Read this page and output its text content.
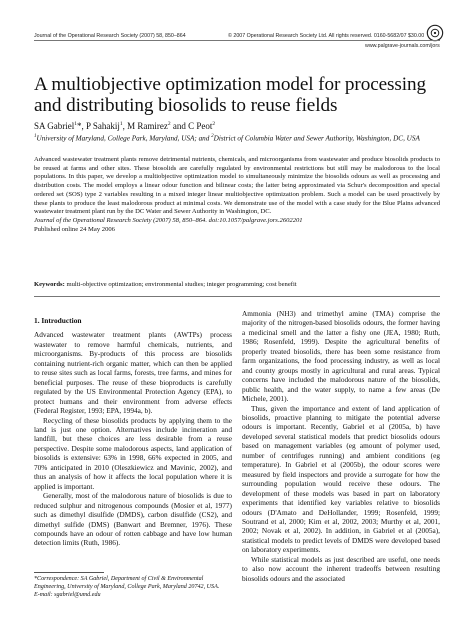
Journal of the Operational Research Society (2007) 58, 850–864	© 2007 Operational Research Society Ltd. All rights reserved. 0160-5682/07 $30.00
www.palgrave-journals.com/jors
A multiobjective optimization model for processing and distributing biosolids to reuse fields
SA Gabriel$^1$*, P Sahakij$^1$, M Ramirez$^2$ and C Peot$^2$
$^1$University of Maryland, College Park, Maryland, USA; and $^2$District of Columbia Water and Sewer Authority, Washington, DC, USA

Advanced wastewater treatment plants remove detrimental nutrients, chemicals, and microorganisms from wastewater and produce biosolids products to be reused at farms and other sites. These biosolids are carefully regulated by environmental restrictions but still may be malodorous to the local populations. In this paper, we develop a multiobjective optimization model to simultaneously minimize the biosolids odours as well as processing and distribution costs. The model employs a linear odour function and bilinear costs; the latter being approximated via Schur's decomposition and special ordered set (SOS) type 2 variables resulting in a mixed integer linear multiobjective optimization problem. Such a model can be used proactively by these plants to produce the least malodorous product at minimal costs. We demonstrate use of the model with a case study for the Blue Plains advanced wastewater treatment plant run by the DC Water and Sewer Authority in Washington, DC.

Journal of the Operational Research Society (2007) 58, 850–864. doi:10.1057/palgrave.jors.2602201

Published online 24 May 2006

Keywords: multi-objective optimization; environmental studies; integer programming; cost benefit
1. Introduction

Advanced wastewater treatment plants (AWTPs) process wastewater to remove harmful chemicals, nutrients, and microorganisms. By-products of this process are biosolids containing nutrient-rich organic matter, which can then be applied to reuse sites such as local farms, forests, tree farms, and mines for beneficial purposes. The reuse of these bioproducts is carefully regulated by the US Environmental Protection Agency (EPA), to protect humans and their environment from adverse effects (Federal Register, 1993; EPA, 1994a, b).

Recycling of these biosolids products by applying them to the land is just one option. Alternatives include incineration and landfill, but these choices are less desirable from a reuse perspective. Despite some malodorous aspects, land application of biosolids is extensive: 63% in 1998, 66% expected in 2005, and 70% anticipated in 2010 (Oleszkiewicz and Mavinic, 2002), and thus an analysis of how it affects the local population where it is applied is important.

Generally, most of the malodorous nature of biosolids is due to reduced sulphur and nitrogenous compounds (Mosier et al, 1977) such as dimethyl disulfide (DMDS), carbon disulfide (CS2), and dimethyl sulfide (DMS) (Banwart and Bremner, 1976). These compounds have an odour of rotten cabbage and have low human detection limits (Ruth, 1986).

Ammonia (NH3) and trimethyl amine (TMA) comprise the majority of the nitrogen-based biosolids odours, the former having a medicinal smell and the latter a fishy one (JEA, 1980; Ruth, 1986; Rosenfeld, 1999). Despite the agricultural benefits of properly treated biosolids, there has been some resistance from farm organizations, the food processing industry, as well as local and county groups mostly in agricultural and rural areas. Typical concerns have included the malodorous nature of the biosolids, public health, and the water supply, to name a few areas (De Michele, 2001).

Thus, given the importance and extent of land application of biosolids, proactive planning to mitigate the potential adverse odours is important. Recently, Gabriel et al (2005a, b) have developed several statistical models that predict biosolids odours based on management variables (eg amount of polymer used, number of centrifuges running) and ambient conditions (eg temperature). In Gabriel et al (2005b), the odour scores were measured by field inspectors and provide a surrogate for how the surrounding population would receive these odours. The development of these models was based in part on laboratory experiments that identified key variables relative to biosolids odours (D'Amato and DeHollander, 1999; Rosenfeld, 1999; Soutrand et al, 2000; Kim et al, 2002, 2003; Murthy et al, 2001, 2002; Novak et al, 2002). In addition, in Gabriel et al (2005a), statistical models to predict levels of DMDS were developed based on laboratory experiments.

While statistical models as just described are useful, one needs to also now account the inherent tradeoffs between resulting biosolids odours and the associated

*Correspondence: SA Gabriel, Department of Civil & Environmental Engineering, University of Maryland, College Park, Maryland 20742, USA.

E-mail: sgabriel@umd.edu
